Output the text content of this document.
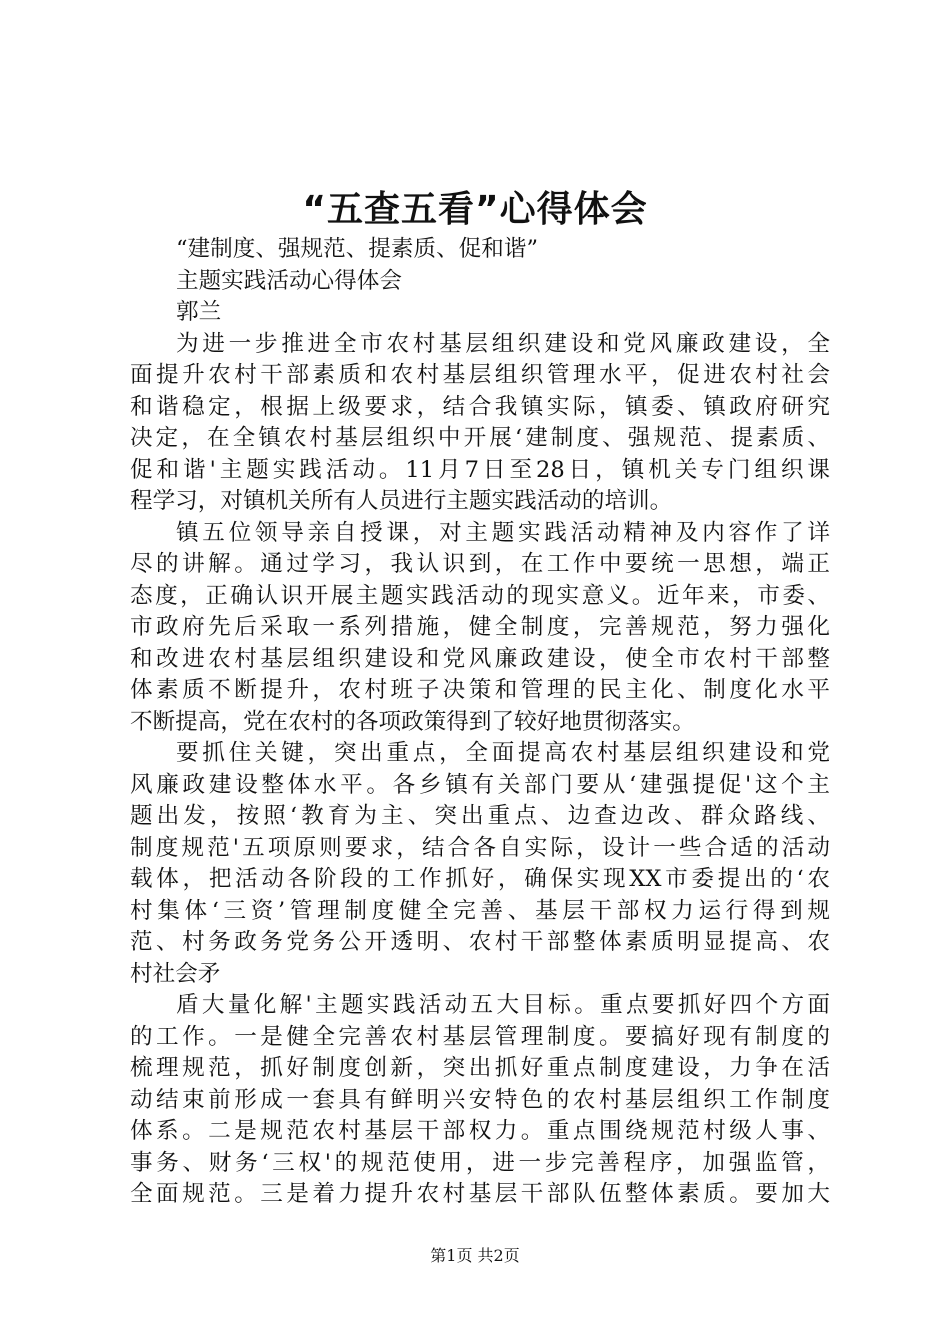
“五查五看”心得体会
“建制度、强规范、提素质、促和谐”
主题实践活动心得体会
郭兰
为进一步推进全市农村基层组织建设和党风廉政建设，全
面提升农村干部素质和农村基层组织管理水平，促进农村社会
和谐稳定，根据上级要求，结合我镇实际，镇委、镇政府研究
决定，在全镇农村基层组织中开展‘建制度、强规范、提素质、
促和谐'主题实践活动。11月7日至28日，镇机关专门组织课
程学习，对镇机关所有人员进行主题实践活动的培训。
镇五位领导亲自授课，对主题实践活动精神及内容作了详
尽的讲解。通过学习，我认识到，在工作中要统一思想，端正
态度，正确认识开展主题实践活动的现实意义。近年来，市委、
市政府先后采取一系列措施，健全制度，完善规范，努力强化
和改进农村基层组织建设和党风廉政建设，使全市农村干部整
体素质不断提升，农村班子决策和管理的民主化、制度化水平
不断提高，党在农村的各项政策得到了较好地贯彻落实。
要抓住关键，突出重点，全面提高农村基层组织建设和党
风廉政建设整体水平。各乡镇有关部门要从‘建强提促'这个主
题出发，按照‘教育为主、突出重点、边查边改、群众路线、
制度规范'五项原则要求，结合各自实际，设计一些合适的活动
载体，把活动各阶段的工作抓好，确保实现XX市委提出的‘农
村集体‘三资’管理制度健全完善、基层干部权力运行得到规
范、村务政务党务公开透明、农村干部整体素质明显提高、农
村社会矛
盾大量化解'主题实践活动五大目标。重点要抓好四个方面
的工作。一是健全完善农村基层管理制度。要搞好现有制度的
梳理规范，抓好制度创新，突出抓好重点制度建设，力争在活
动结束前形成一套具有鲜明兴安特色的农村基层组织工作制度
体系。二是规范农村基层干部权力。重点围绕规范村级人事、
事务、财务‘三权'的规范使用，进一步完善程序，加强监管，
全面规范。三是着力提升农村基层干部队伍整体素质。要加大
第1页 共2页
